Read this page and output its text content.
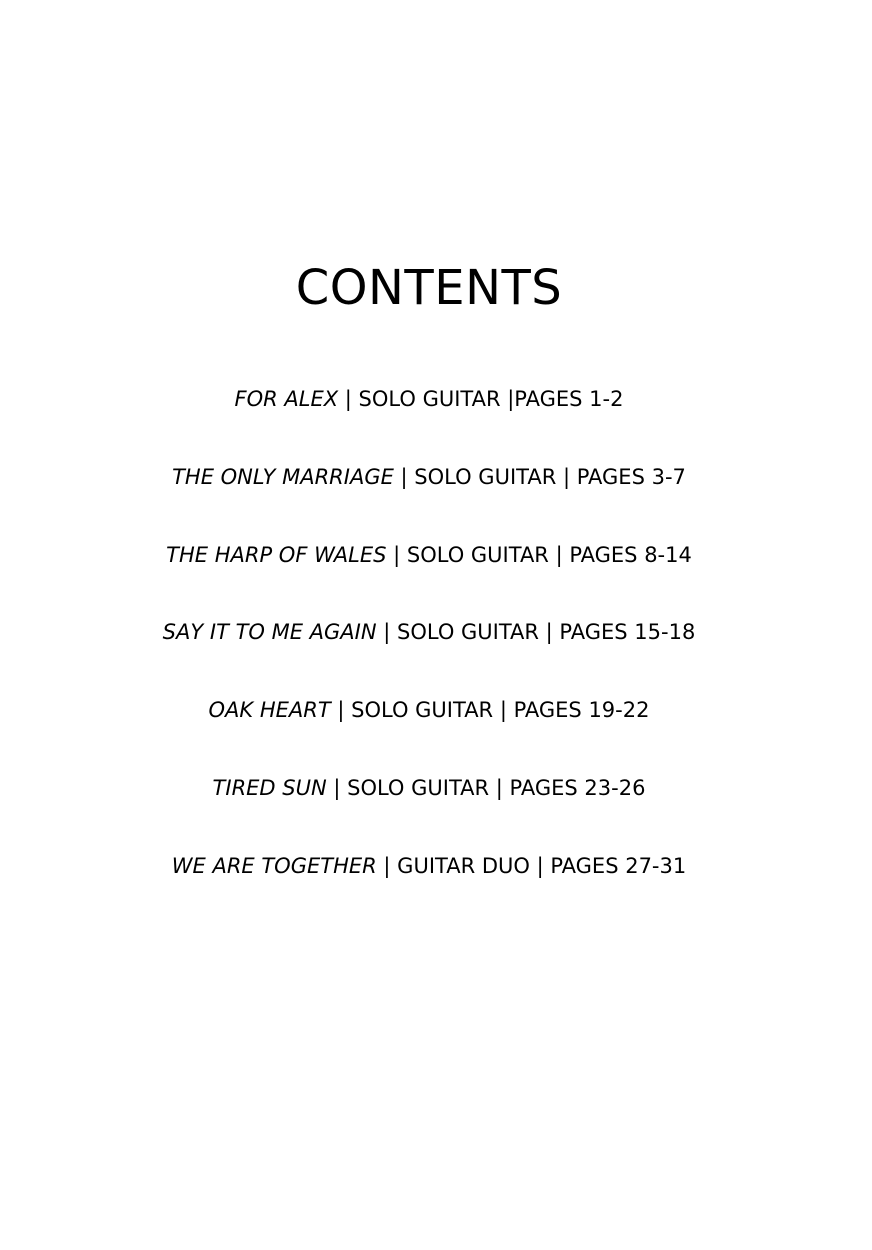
CONTENTS
FOR ALEX | SOLO GUITAR |PAGES 1-2
THE ONLY MARRIAGE | SOLO GUITAR | PAGES 3-7
THE HARP OF WALES | SOLO GUITAR | PAGES 8-14
SAY IT TO ME AGAIN | SOLO GUITAR | PAGES 15-18
OAK HEART | SOLO GUITAR | PAGES 19-22
TIRED SUN | SOLO GUITAR | PAGES 23-26
WE ARE TOGETHER | GUITAR DUO | PAGES 27-31
